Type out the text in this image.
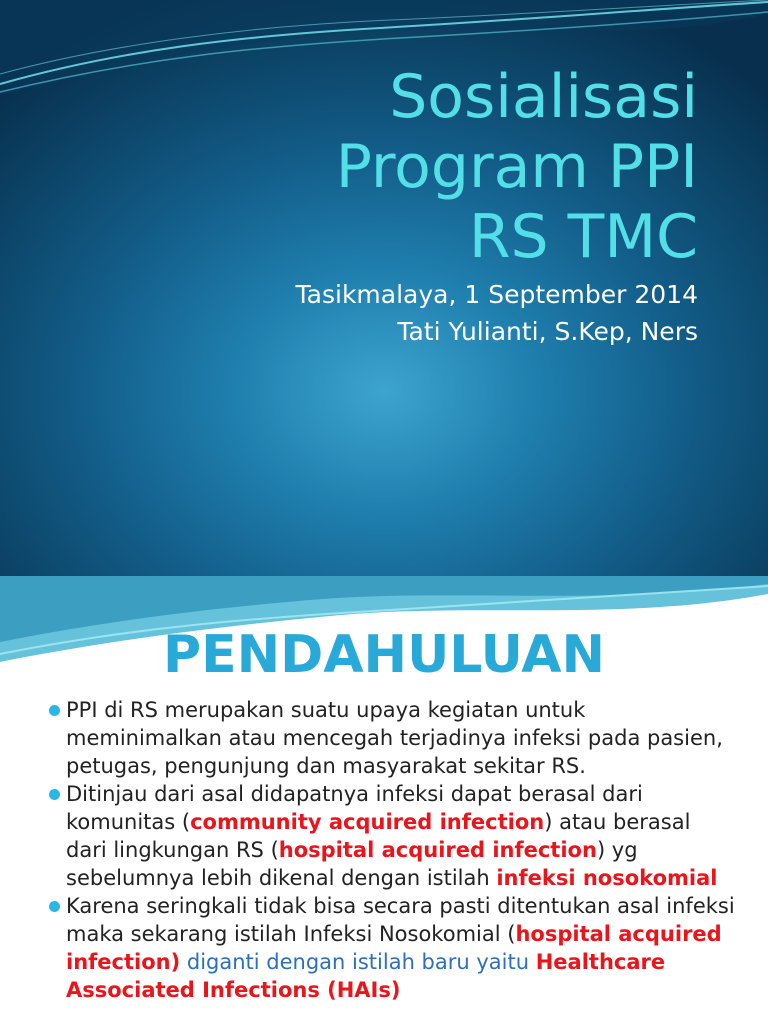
Sosialisasi
Program PPI
RS TMC
Tasikmalaya, 1 September 2014
Tati Yulianti, S.Kep, Ners
PENDAHULUAN
PPI di RS merupakan suatu upaya kegiatan untuk meminimalkan atau mencegah terjadinya infeksi pada pasien, petugas, pengunjung dan masyarakat sekitar RS.
Ditinjau dari asal didapatnya infeksi dapat berasal dari komunitas (community acquired infection) atau berasal dari lingkungan RS (hospital acquired infection) yg sebelumnya lebih dikenal dengan istilah infeksi nosokomial
Karena seringkali tidak bisa secara pasti ditentukan asal infeksi maka sekarang istilah Infeksi Nosokomial (hospital acquired infection) diganti dengan istilah baru yaitu Healthcare Associated Infections (HAIs)
